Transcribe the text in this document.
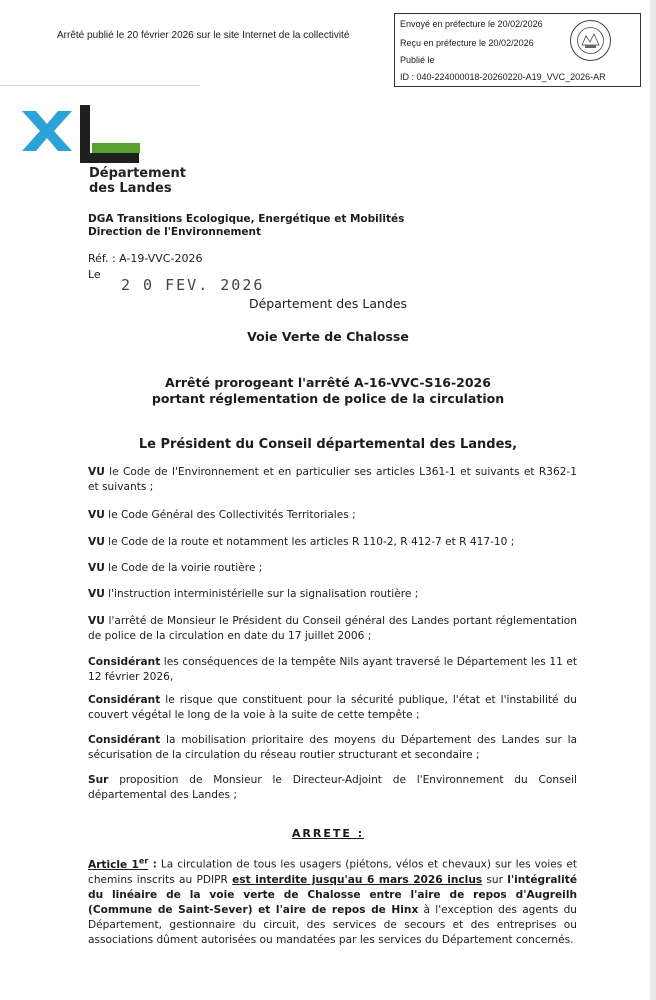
Arrêté publié le 20 février 2026 sur le site Internet de la collectivité
Envoyé en préfecture le 20/02/2026
Reçu en préfecture le 20/02/2026
Publié le
ID : 040-224000018-20260220-A19_VVC_2026-AR
Département
des Landes
DGA Transitions Ecologique, Energétique et Mobilités
Direction de l'Environnement
Réf. : A-19-VVC-2026
Le
2 0 FEV. 2026
Département des Landes
Voie Verte de Chalosse
Arrêté prorogeant l'arrêté A-16-VVC-S16-2026
portant réglementation de police de la circulation
Le Président du Conseil départemental des Landes,
VU le Code de l'Environnement et en particulier ses articles L361-1 et suivants et R362-1 et suivants ;
VU le Code Général des Collectivités Territoriales ;
VU le Code de la route et notamment les articles R 110-2, R 412-7 et R 417-10 ;
VU le Code de la voirie routière ;
VU l'instruction interministérielle sur la signalisation routière ;
VU l'arrêté de Monsieur le Président du Conseil général des Landes portant réglementation de police de la circulation en date du 17 juillet 2006 ;
Considérant les conséquences de la tempête Nils ayant traversé le Département les 11 et 12 février 2026,
Considérant le risque que constituent pour la sécurité publique, l'état et l'instabilité du couvert végétal le long de la voie à la suite de cette tempête ;
Considérant la mobilisation prioritaire des moyens du Département des Landes sur la sécurisation de la circulation du réseau routier structurant et secondaire ;
Sur proposition de Monsieur le Directeur-Adjoint de l'Environnement du Conseil départemental des Landes ;
ARRETE :
Article 1er : La circulation de tous les usagers (piétons, vélos et chevaux) sur les voies et chemins inscrits au PDIPR est interdite jusqu'au 6 mars 2026 inclus sur l'intégralité du linéaire de la voie verte de Chalosse entre l'aire de repos d'Augreilh (Commune de Saint-Sever) et l'aire de repos de Hinx à l'exception des agents du Département, gestionnaire du circuit, des services de secours et des entreprises ou associations dûment autorisées ou mandatées par les services du Département concernés.
